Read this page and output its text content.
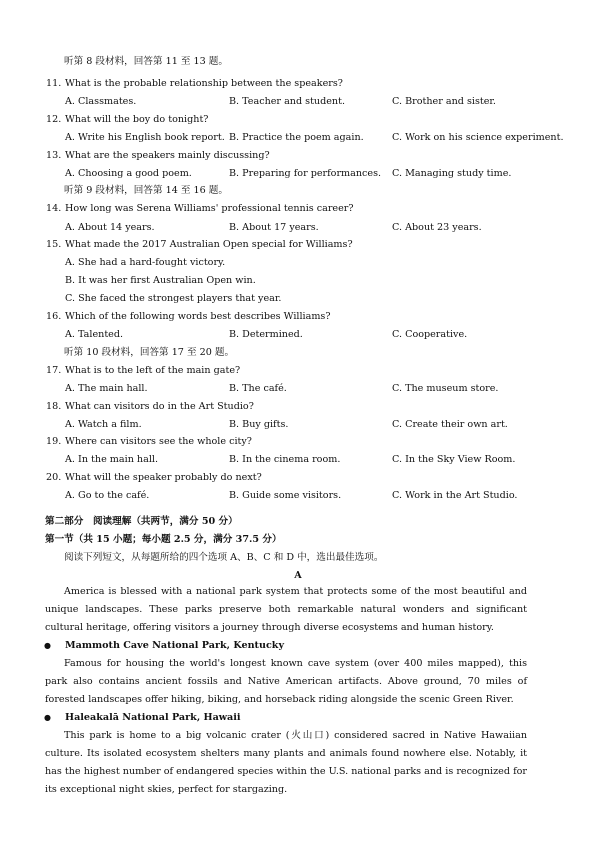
听第 8 段材料，回答第 11 至 13 题。
11. What is the probable relationship between the speakers?
A. Classmates.	B. Teacher and student.	C. Brother and sister.
12. What will the boy do tonight?
A. Write his English book report. B. Practice the poem again.	C. Work on his science experiment.
13. What are the speakers mainly discussing?
A. Choosing a good poem.	B. Preparing for performances. C. Managing study time.
听第 9 段材料，回答第 14 至 16 题。
14. How long was Serena Williams' professional tennis career?
A. About 14 years.	B. About 17 years.	C. About 23 years.
15. What made the 2017 Australian Open special for Williams?
A. She had a hard-fought victory.
B. It was her first Australian Open win.
C. She faced the strongest players that year.
16. Which of the following words best describes Williams?
A. Talented.	B. Determined.	C. Cooperative.
听第 10 段材料，回答第 17 至 20 题。
17. What is to the left of the main gate?
A. The main hall.	B. The café.	C. The museum store.
18. What can visitors do in the Art Studio?
A. Watch a film.	B. Buy gifts.	C. Create their own art.
19. Where can visitors see the whole city?
A. In the main hall.	B. In the cinema room.	C. In the Sky View Room.
20. What will the speaker probably do next?
A. Go to the café.	B. Guide some visitors.	C. Work in the Art Studio.
第二部分　阅读理解（共两节，满分 50 分）
第一节（共 15 小题；每小题 2.5 分，满分 37.5 分）
阅读下列短文，从每题所给的四个选项 A、B、C 和 D 中，选出最佳选项。
A
America is blessed with a national park system that protects some of the most beautiful and unique landscapes. These parks preserve both remarkable natural wonders and significant cultural heritage, offering visitors a journey through diverse ecosystems and human history.
● Mammoth Cave National Park, Kentucky
Famous for housing the world's longest known cave system (over 400 miles mapped), this park also contains ancient fossils and Native American artifacts. Above ground, 70 miles of forested landscapes offer hiking, biking, and horseback riding alongside the scenic Green River.
● Haleakalā National Park, Hawaii
This park is home to a big volcanic crater (火山口) considered sacred in Native Hawaiian culture. Its isolated ecosystem shelters many plants and animals found nowhere else. Notably, it has the highest number of endangered species within the U.S. national parks and is recognized for its exceptional night skies, perfect for stargazing.
